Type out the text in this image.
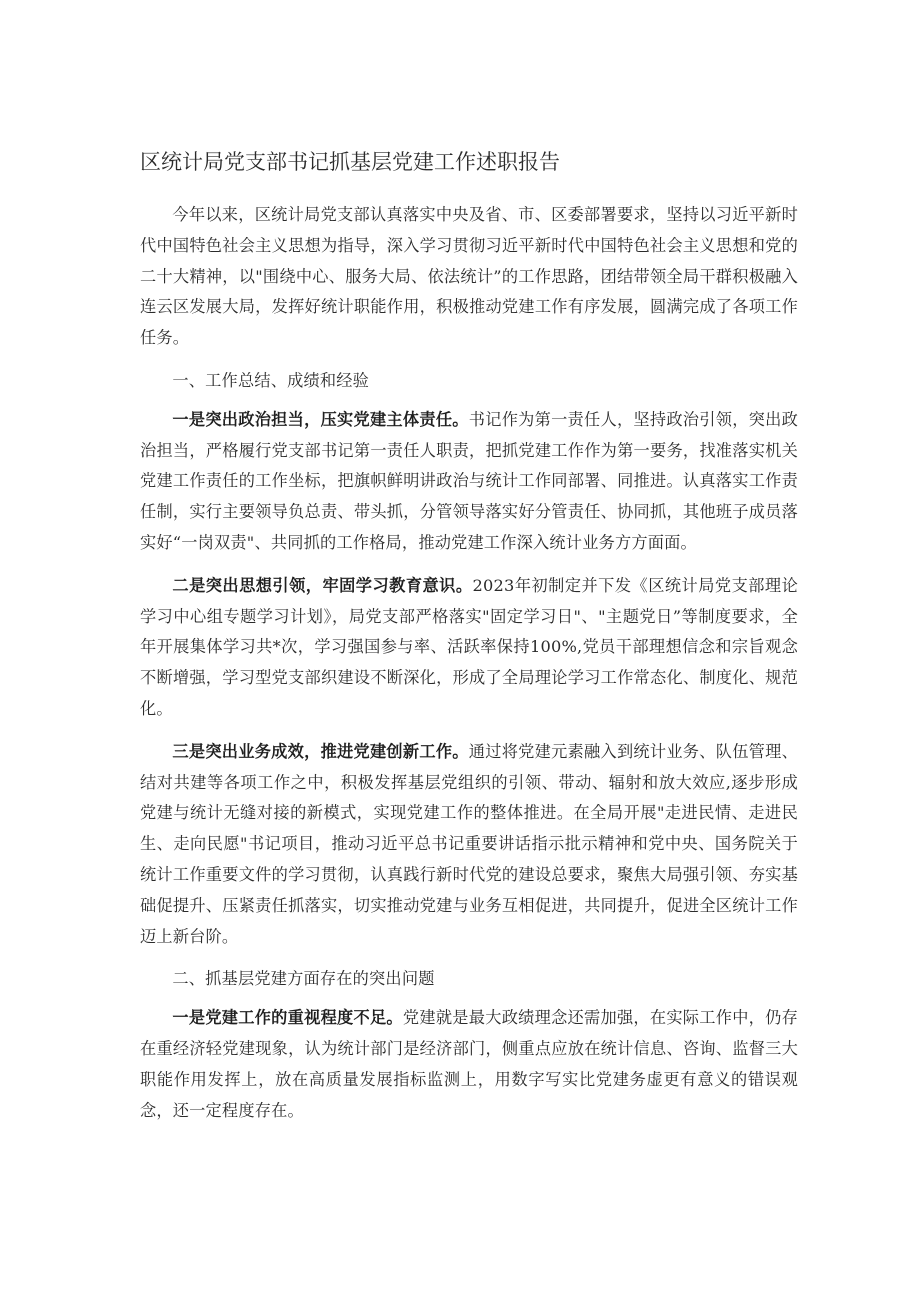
区统计局党支部书记抓基层党建工作述职报告

今年以来，区统计局党支部认真落实中央及省、市、区委部署要求，坚持以习近平新时代中国特色社会主义思想为指导，深入学习贯彻习近平新时代中国特色社会主义思想和党的二十大精神，以"围绕中心、服务大局、依法统计”的工作思路，团结带领全局干群积极融入连云区发展大局，发挥好统计职能作用，积极推动党建工作有序发展，圆满完成了各项工作任务。

一、工作总结、成绩和经验

一是突出政治担当，压实党建主体责任。书记作为第一责任人，坚持政治引领，突出政治担当，严格履行党支部书记第一责任人职责，把抓党建工作作为第一要务，找准落实机关党建工作责任的工作坐标，把旗帜鲜明讲政治与统计工作同部署、同推进。认真落实工作责任制，实行主要领导负总责、带头抓，分管领导落实好分管责任、协同抓，其他班子成员落实好“一岗双责"、共同抓的工作格局，推动党建工作深入统计业务方方面面。

二是突出思想引领，牢固学习教育意识。2023年初制定并下发《区统计局党支部理论学习中心组专题学习计划》，局党支部严格落实"固定学习日"、"主题党日”等制度要求，全年开展集体学习共*次，学习强国参与率、活跃率保持100%,党员干部理想信念和宗旨观念不断增强，学习型党支部织建设不断深化，形成了全局理论学习工作常态化、制度化、规范化。

三是突出业务成效，推进党建创新工作。通过将党建元素融入到统计业务、队伍管理、结对共建等各项工作之中，积极发挥基层党组织的引领、带动、辐射和放大效应,逐步形成党建与统计无缝对接的新模式，实现党建工作的整体推进。在全局开展"走进民情、走进民生、走向民愿"书记项目，推动习近平总书记重要讲话指示批示精神和党中央、国务院关于统计工作重要文件的学习贯彻，认真践行新时代党的建设总要求，聚焦大局强引领、夯实基础促提升、压紧责任抓落实，切实推动党建与业务互相促进，共同提升，促进全区统计工作迈上新台阶。

二、抓基层党建方面存在的突出问题

一是党建工作的重视程度不足。党建就是最大政绩理念还需加强，在实际工作中，仍存在重经济轻党建现象，认为统计部门是经济部门，侧重点应放在统计信息、咨询、监督三大职能作用发挥上，放在高质量发展指标监测上，用数字写实比党建务虚更有意义的错误观念，还一定程度存在。
